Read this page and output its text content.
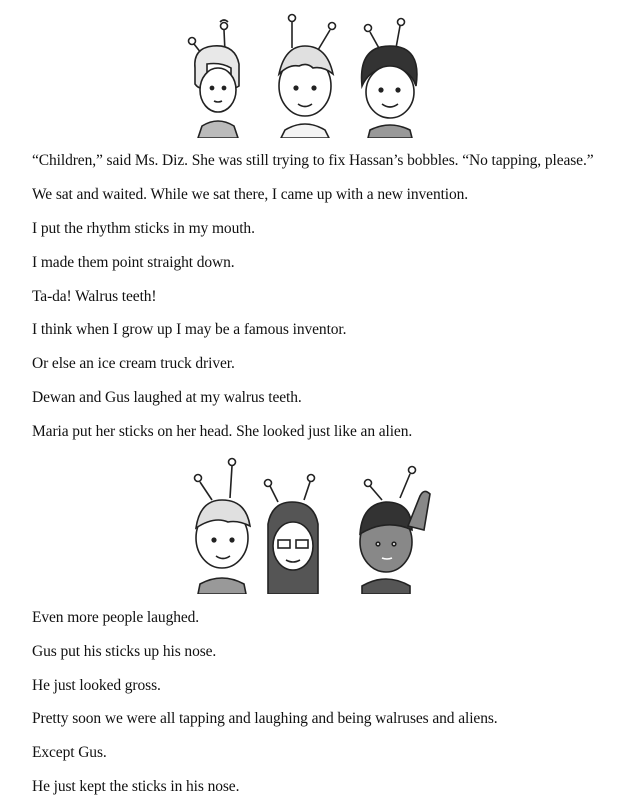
“Children,” said Ms. Diz. She was still trying to fix Hassan’s bobbles. “No tapping, please.”
We sat and waited. While we sat there, I came up with a new invention.
I put the rhythm sticks in my mouth.
I made them point straight down.
Ta-da! Walrus teeth!
I think when I grow up I may be a famous inventor.
Or else an ice cream truck driver.
Dewan and Gus laughed at my walrus teeth.
Maria put her sticks on her head. She looked just like an alien.
Even more people laughed.
Gus put his sticks up his nose.
He just looked gross.
Pretty soon we were all tapping and laughing and being walruses and aliens.
Except Gus.
He just kept the sticks in his nose.
